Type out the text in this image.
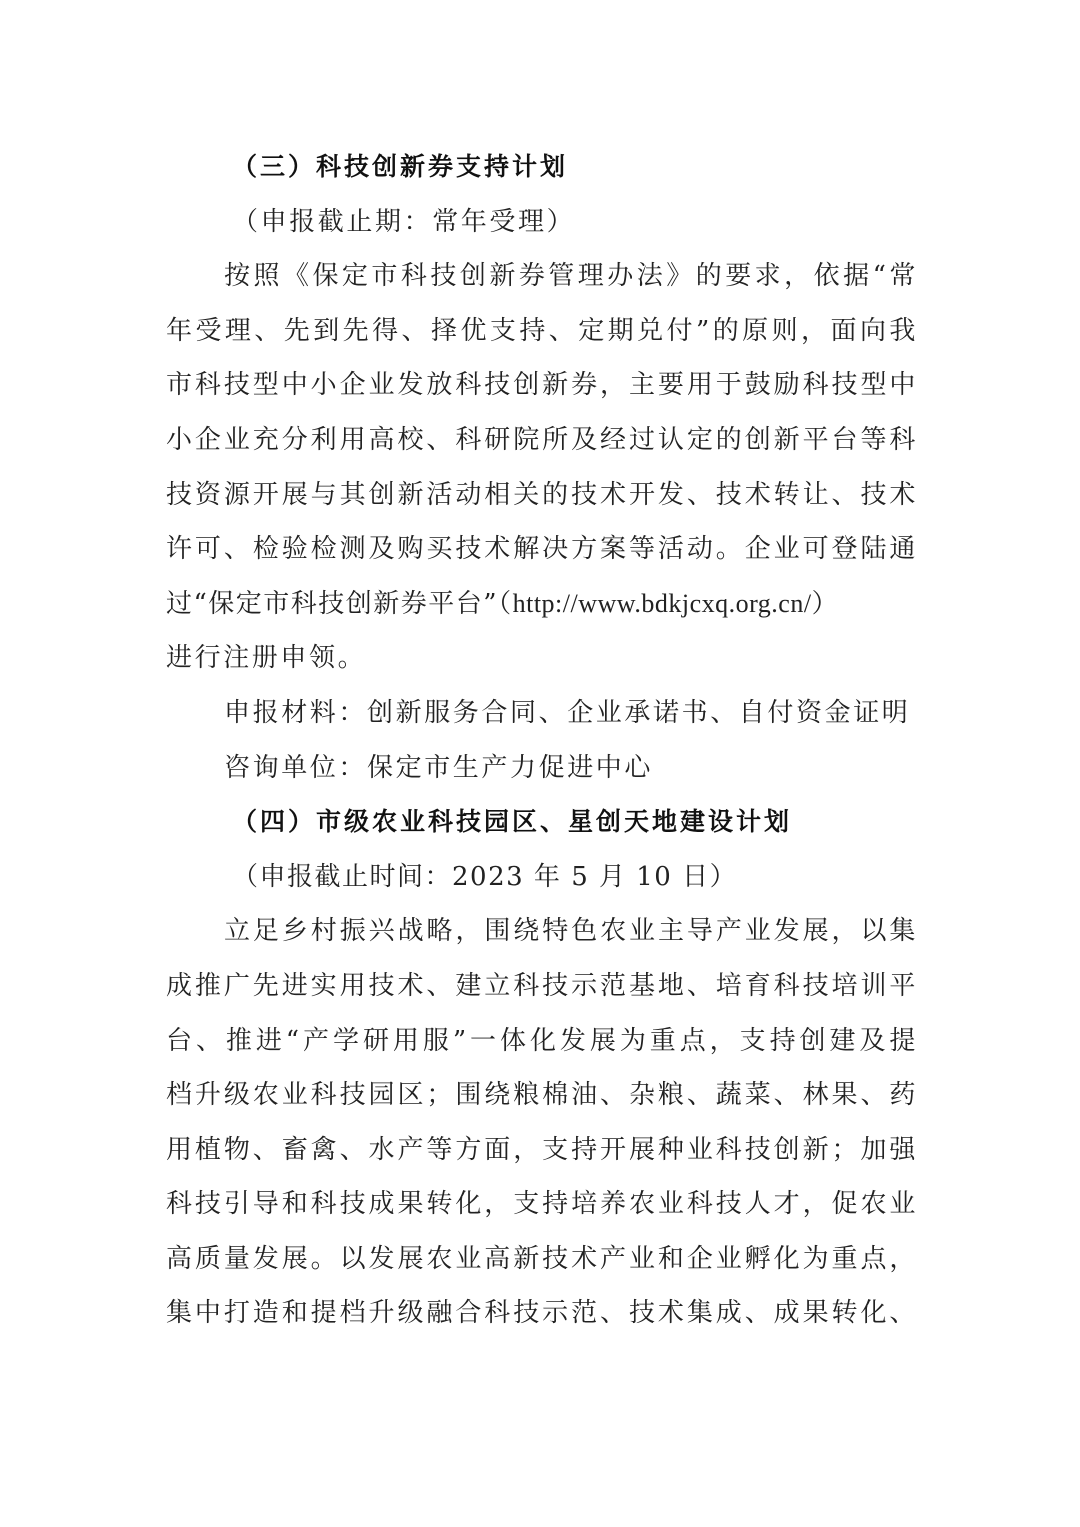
（三）科技创新券支持计划
（申报截止期：常年受理）
按照《保定市科技创新券管理办法》的要求，依据“常
年受理、先到先得、择优支持、定期兑付”的原则，面向我
市科技型中小企业发放科技创新券，主要用于鼓励科技型中
小企业充分利用高校、科研院所及经过认定的创新平台等科
技资源开展与其创新活动相关的技术开发、技术转让、技术
许可、检验检测及购买技术解决方案等活动。企业可登陆通
过“保定市科技创新券平台”（http://www.bdkjcxq.org.cn/）
进行注册申领。
申报材料：创新服务合同、企业承诺书、自付资金证明
咨询单位：保定市生产力促进中心
（四）市级农业科技园区、星创天地建设计划
（申报截止时间：2023 年 5 月 10 日）
立足乡村振兴战略，围绕特色农业主导产业发展，以集
成推广先进实用技术、建立科技示范基地、培育科技培训平
台、推进“产学研用服”一体化发展为重点，支持创建及提
档升级农业科技园区；围绕粮棉油、杂粮、蔬菜、林果、药
用植物、畜禽、水产等方面，支持开展种业科技创新；加强
科技引导和科技成果转化，支持培养农业科技人才，促农业
高质量发展。以发展农业高新技术产业和企业孵化为重点，
集中打造和提档升级融合科技示范、技术集成、成果转化、
